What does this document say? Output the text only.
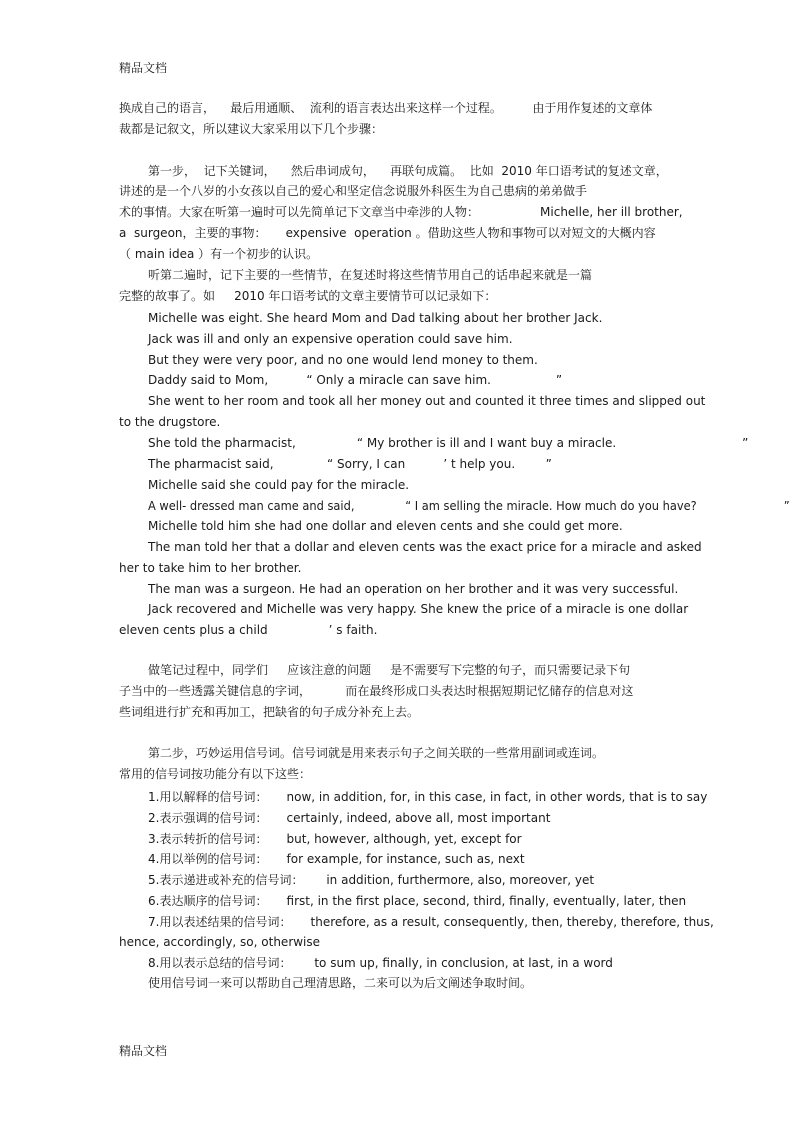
精品文档
换成自己的语言，    最后用通顺、  流利的语言表达出来这样一个过程。        由于用作复述的文章体
裁都是记叙文，所以建议大家采用以下几个步骤：
第一步，  记下关键词，    然后串词成句，    再联句成篇。  比如  2010 年口语考试的复述文章，
讲述的是一个八岁的小女孩以自己的爱心和坚定信念说服外科医生为自己患病的弟弟做手
术的事情。大家在听第一遍时可以先简单记下文章当中牵涉的人物：                Michelle, her ill brother,
a  surgeon，主要的事物：     expensive  operation 。借助这些人物和事物可以对短文的大概内容
（ main idea ）有一个初步的认识。
听第二遍时，记下主要的一些情节，在复述时将这些情节用自己的话串起来就是一篇
完整的故事了。如     2010 年口语考试的文章主要情节可以记录如下：
Michelle was eight. She heard Mom and Dad talking about her brother Jack.
Jack was ill and only an expensive operation could save him.
But they were very poor, and no one would lend money to them.
Daddy said to Mom,          “ Only a miracle can save him.                 ”
She went to her room and took all her money out and counted it three times and slipped out
to the drugstore.
She told the pharmacist,                “ My brother is ill and I want buy a miracle.                                 ”
The pharmacist said,              “ Sorry, I can          ’ t help you.        ”
Michelle said she could pay for the miracle.
A well- dressed man came and said,              “ I am selling the miracle. How much do you have?                        ”
Michelle told him she had one dollar and eleven cents and she could get more.
The man told her that a dollar and eleven cents was the exact price for a miracle and asked
her to take him to her brother.
The man was a surgeon. He had an operation on her brother and it was very successful.
Jack recovered and Michelle was very happy. She knew the price of a miracle is one dollar
eleven cents plus a child                ’ s faith.
做笔记过程中，同学们     应该注意的问题     是不需要写下完整的句子，而只需要记录下句
子当中的一些透露关键信息的字词，         而在最终形成口头表达时根据短期记忆储存的信息对这
些词组进行扩充和再加工，把缺省的句子成分补充上去。
第二步，巧妙运用信号词。信号词就是用来表示句子之间关联的一些常用副词或连词。
常用的信号词按功能分有以下这些：
1.用以解释的信号词：     now, in addition, for, in this case, in fact, in other words, that is to say
2.表示强调的信号词：     certainly, indeed, above all, most important
3.表示转折的信号词：     but, however, although, yet, except for
4.用以举例的信号词：     for example, for instance, such as, next
5.表示递进或补充的信号词：      in addition, furthermore, also, moreover, yet
6.表达顺序的信号词：     first, in the first place, second, third, finally, eventually, later, then
7.用以表述结果的信号词：     therefore, as a result, consequently, then, thereby, therefore, thus,
hence, accordingly, so, otherwise
8.用以表示总结的信号词：      to sum up, finally, in conclusion, at last, in a word
使用信号词一来可以帮助自己理清思路，二来可以为后文阐述争取时间。
精品文档
